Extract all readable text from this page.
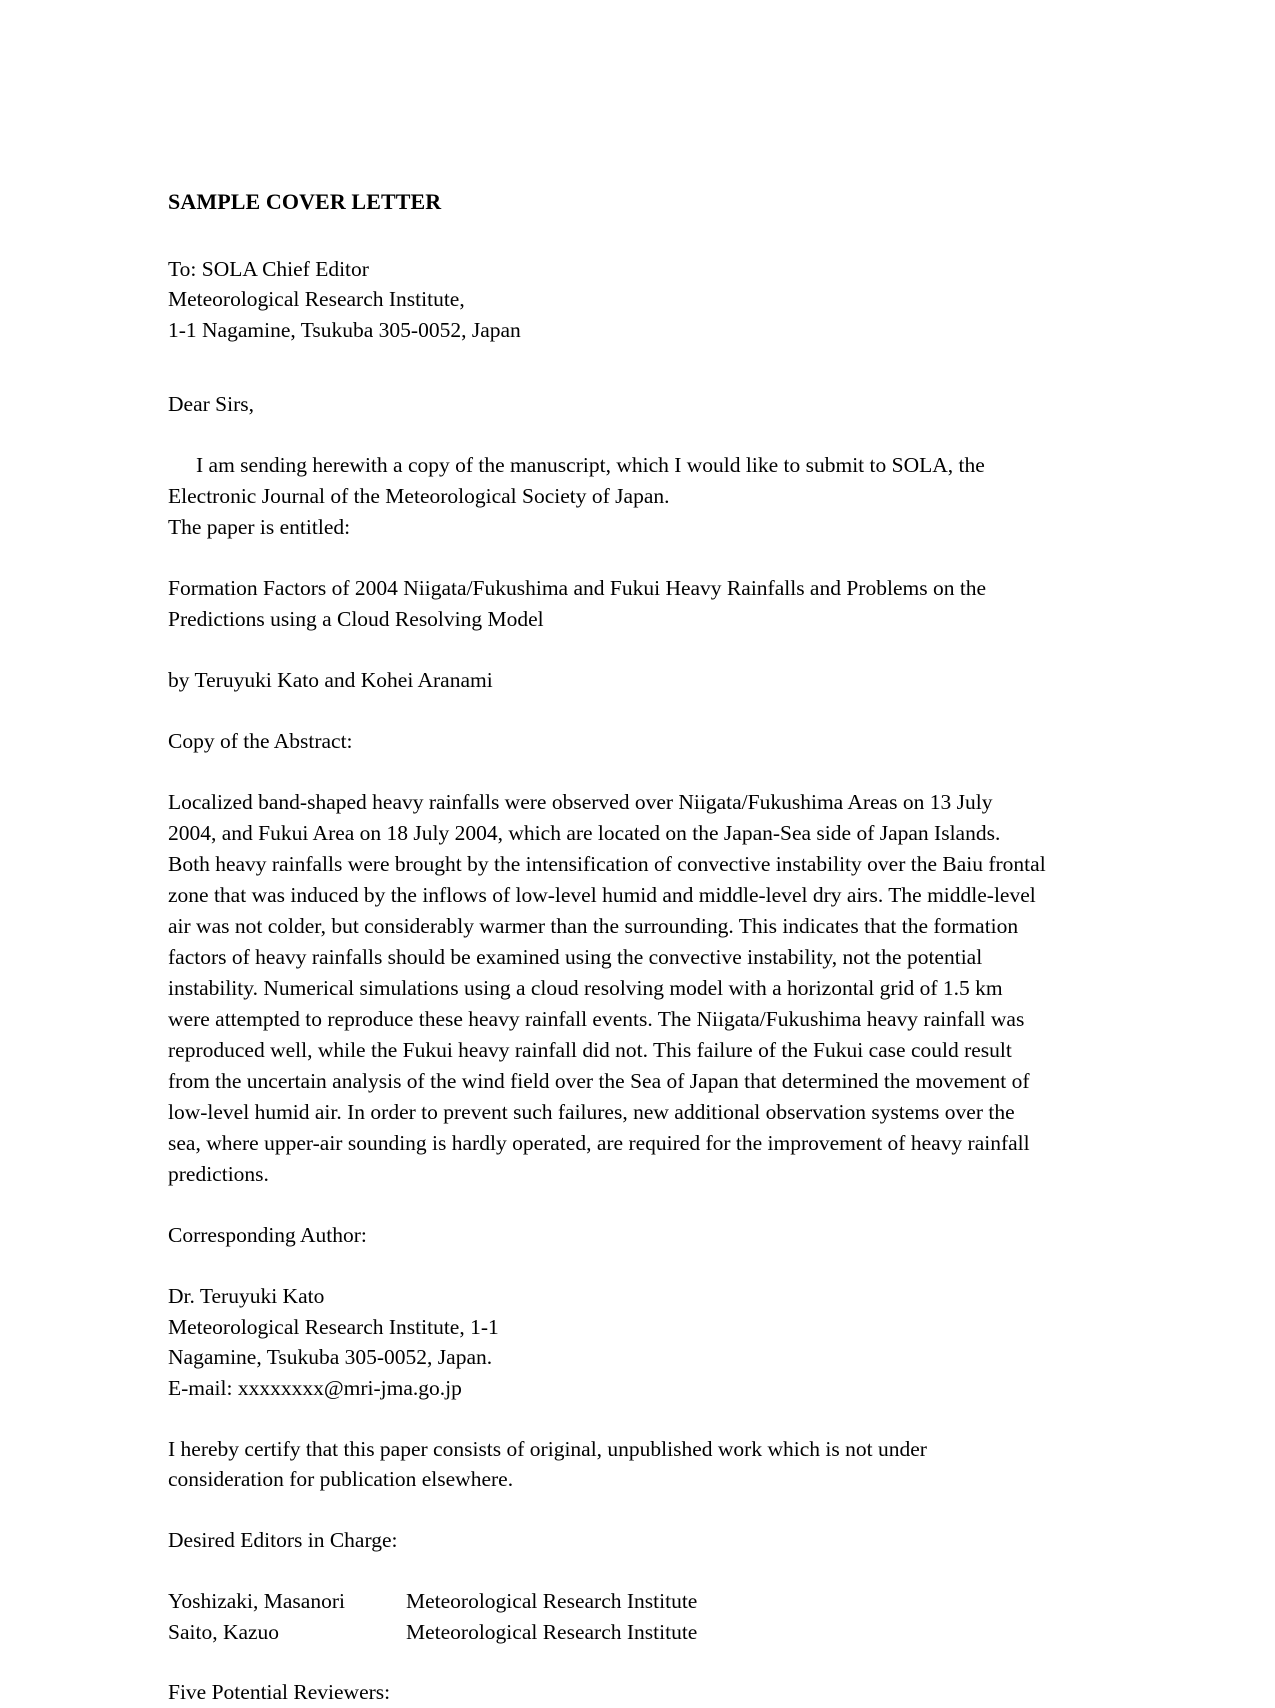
SAMPLE COVER LETTER
To: SOLA Chief Editor
Meteorological Research Institute,
1-1 Nagamine, Tsukuba 305-0052, Japan

Dear Sirs,

I am sending herewith a copy of the manuscript, which I would like to submit to SOLA, the Electronic Journal of the Meteorological Society of Japan.

The paper is entitled:

Formation Factors of 2004 Niigata/Fukushima and Fukui Heavy Rainfalls and Problems on the Predictions using a Cloud Resolving Model

by Teruyuki Kato and Kohei Aranami

Copy of the Abstract:

Localized band-shaped heavy rainfalls were observed over Niigata/Fukushima Areas on 13 July 2004, and Fukui Area on 18 July 2004, which are located on the Japan-Sea side of Japan Islands. Both heavy rainfalls were brought by the intensification of convective instability over the Baiu frontal zone that was induced by the inflows of low-level humid and middle-level dry airs. The middle-level air was not colder, but considerably warmer than the surrounding. This indicates that the formation factors of heavy rainfalls should be examined using the convective instability, not the potential instability. Numerical simulations using a cloud resolving model with a horizontal grid of 1.5 km were attempted to reproduce these heavy rainfall events. The Niigata/Fukushima heavy rainfall was reproduced well, while the Fukui heavy rainfall did not. This failure of the Fukui case could result from the uncertain analysis of the wind field over the Sea of Japan that determined the movement of low-level humid air. In order to prevent such failures, new additional observation systems over the sea, where upper-air sounding is hardly operated, are required for the improvement of heavy rainfall predictions.

Corresponding Author:

Dr. Teruyuki Kato
Meteorological Research Institute, 1-1
Nagamine, Tsukuba 305-0052, Japan.
E-mail: xxxxxxxx@mri-jma.go.jp

I hereby certify that this paper consists of original, unpublished work which is not under consideration for publication elsewhere.

Desired Editors in Charge:

Yoshizaki, Masanori	Meteorological Research Institute
Saito, Kazuo	Meteorological Research Institute

Five Potential Reviewers:
